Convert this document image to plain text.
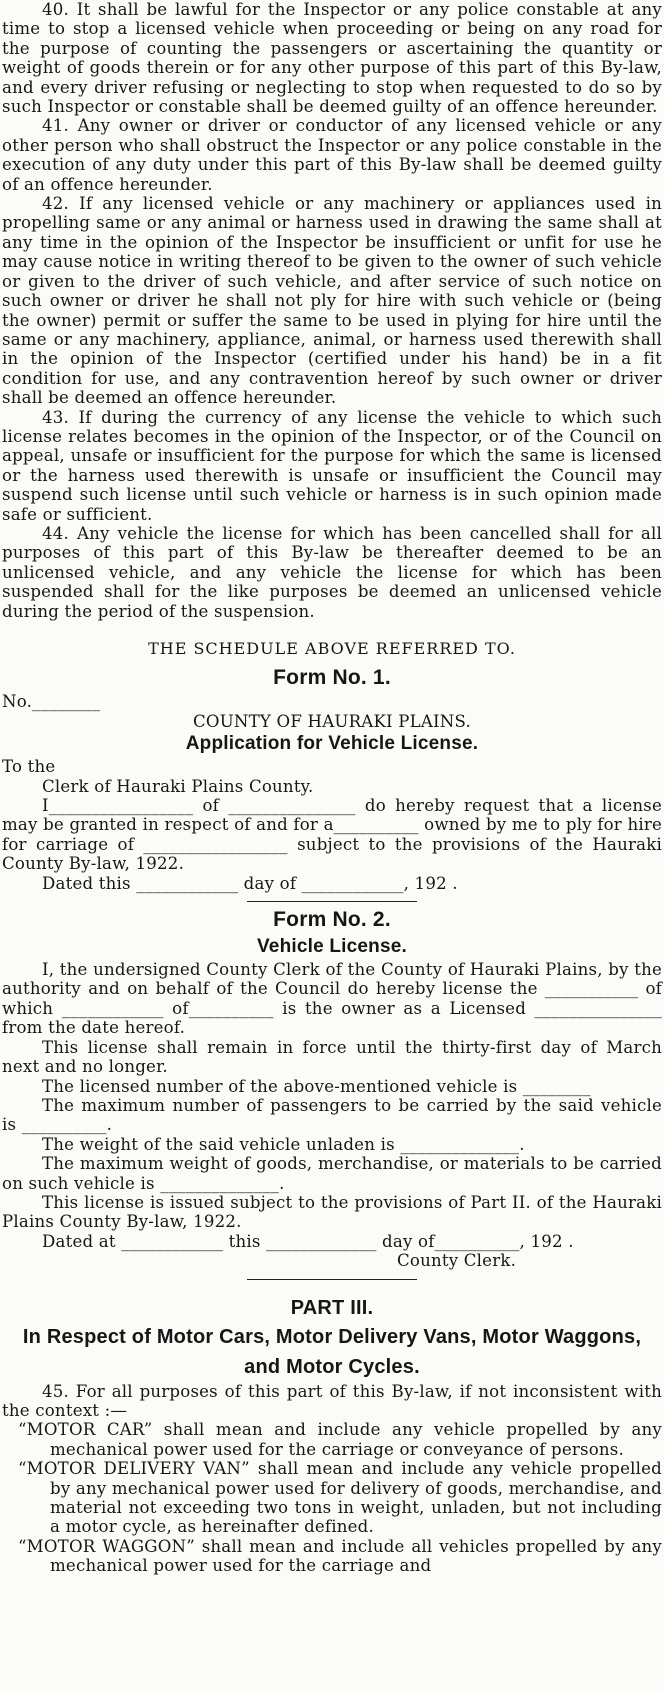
40. It shall be lawful for the Inspector or any police constable at any time to stop a licensed vehicle when proceeding or being on any road for the purpose of counting the passengers or ascertaining the quantity or weight of goods therein or for any other purpose of this part of this By-law, and every driver refusing or neglecting to stop when requested to do so by such Inspector or constable shall be deemed guilty of an offence hereunder.

41. Any owner or driver or conductor of any licensed vehicle or any other person who shall obstruct the Inspector or any police constable in the execution of any duty under this part of this By-law shall be deemed guilty of an offence hereunder.

42. If any licensed vehicle or any machinery or appliances used in propelling same or any animal or harness used in drawing the same shall at any time in the opinion of the Inspector be insufficient or unfit for use he may cause notice in writing thereof to be given to the owner of such vehicle or given to the driver of such vehicle, and after service of such notice on such owner or driver he shall not ply for hire with such vehicle or (being the owner) permit or suffer the same to be used in plying for hire until the same or any machinery, appliance, animal, or harness used therewith shall in the opinion of the Inspector (certified under his hand) be in a fit condition for use, and any contravention hereof by such owner or driver shall be deemed an offence hereunder.

43. If during the currency of any license the vehicle to which such license relates becomes in the opinion of the Inspector, or of the Council on appeal, unsafe or insufficient for the purpose for which the same is licensed or the harness used therewith is unsafe or insufficient the Council may suspend such license until such vehicle or harness is in such opinion made safe or sufficient.

44. Any vehicle the license for which has been cancelled shall for all purposes of this part of this By-law be thereafter deemed to be an unlicensed vehicle, and any vehicle the license for which has been suspended shall for the like purposes be deemed an unlicensed vehicle during the period of the suspension.

THE SCHEDULE ABOVE REFERRED TO.

Form No. 1.

No.________

COUNTY OF HAURAKI PLAINS.

Application for Vehicle License.

To the

Clerk of Hauraki Plains County.

I_________________ of _______________ do hereby request that a license may be granted in respect of and for a__________ owned by me to ply for hire for carriage of _________________ subject to the provisions of the Hauraki County By-law, 1922.

Dated this ____________ day of ____________, 192 .

Form No. 2.

Vehicle License.

I, the undersigned County Clerk of the County of Hauraki Plains, by the authority and on behalf of the Council do hereby license the ___________ of which ____________ of__________ is the owner as a Licensed _______________ from the date hereof.

This license shall remain in force until the thirty-first day of March next and no longer.

The licensed number of the above-mentioned vehicle is ________

The maximum number of passengers to be carried by the said vehicle is __________.

The weight of the said vehicle unladen is ______________.

The maximum weight of goods, merchandise, or materials to be carried on such vehicle is ______________.

This license is issued subject to the provisions of Part II. of the Hauraki Plains County By-law, 1922.

Dated at ____________ this _____________ day of__________, 192 .

County Clerk.

PART III.

In Respect of Motor Cars, Motor Delivery Vans, Motor Waggons, and Motor Cycles.

45. For all purposes of this part of this By-law, if not inconsistent with the context :—

“MOTOR CAR” shall mean and include any vehicle propelled by any mechanical power used for the carriage or conveyance of persons.

“MOTOR DELIVERY VAN” shall mean and include any vehicle propelled by any mechanical power used for delivery of goods, merchandise, and material not exceeding two tons in weight, unladen, but not including a motor cycle, as hereinafter defined.

“MOTOR WAGGON” shall mean and include all vehicles propelled by any mechanical power used for the carriage and
